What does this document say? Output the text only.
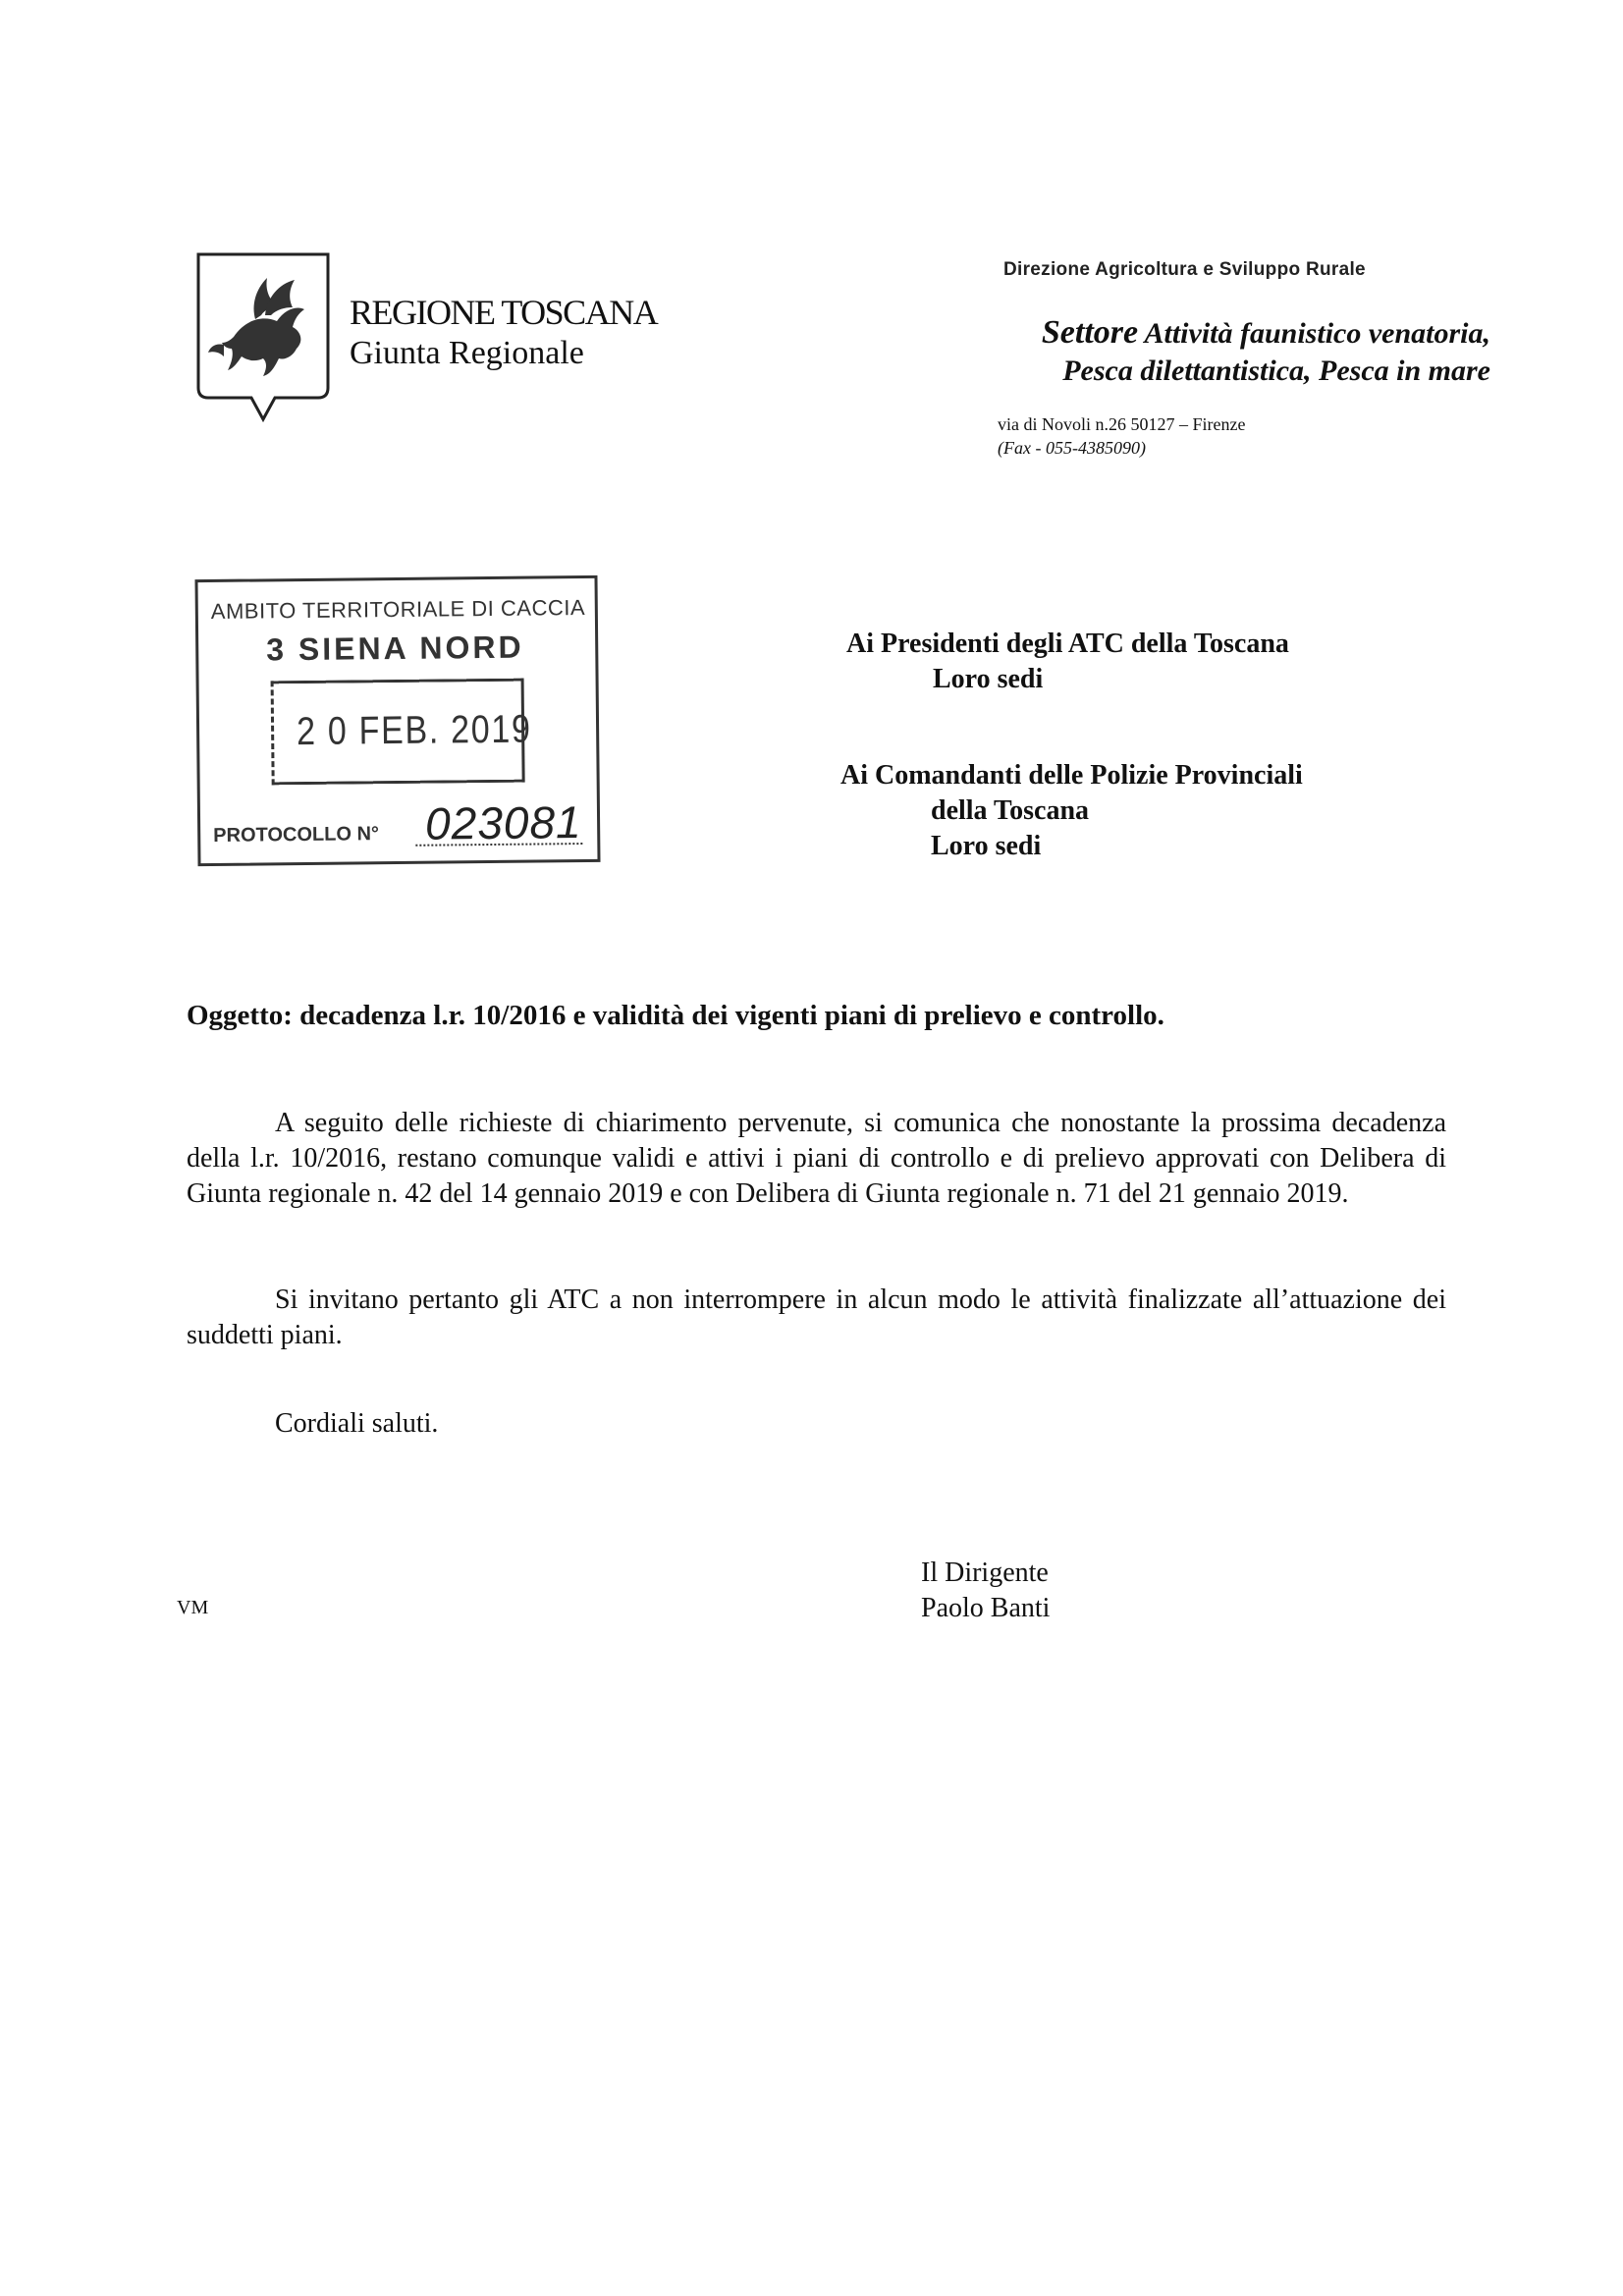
REGIONE TOSCANA
Giunta Regionale
Direzione Agricoltura e Sviluppo Rurale
Settore Attività faunistico venatoria,
Pesca dilettantistica, Pesca in mare
via di Novoli n.26 50127 – Firenze
(Fax - 055-4385090)
AMBITO TERRITORIALE DI CACCIA
3 SIENA NORD
2 0 FEB. 2019
PROTOCOLLO N° 023081
Ai Presidenti degli ATC della Toscana
Loro sedi
Ai Comandanti delle Polizie Provinciali
della Toscana
Loro sedi
Oggetto: decadenza l.r. 10/2016 e validità dei vigenti piani di prelievo e controllo.
A seguito delle richieste di chiarimento pervenute, si comunica che nonostante la prossima decadenza della l.r. 10/2016, restano comunque validi e attivi i piani di controllo e di prelievo approvati con Delibera di Giunta regionale n. 42 del 14 gennaio 2019 e con Delibera di Giunta regionale n. 71 del 21 gennaio 2019.
Si invitano pertanto gli ATC a non interrompere in alcun modo le attività finalizzate all’attuazione dei suddetti piani.
Cordiali saluti.
Il Dirigente
Paolo Banti
VM
